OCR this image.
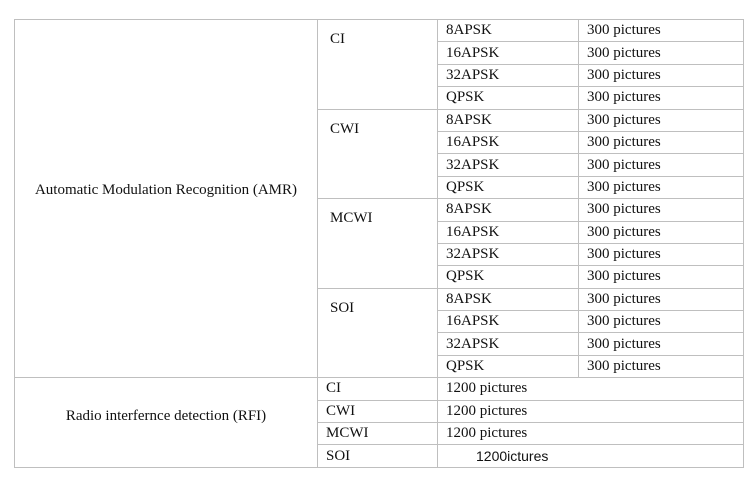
Automatic Modulation Recognition (AMR)	CI	8APSK	300 pictures
		16APSK	300 pictures
		32APSK	300 pictures
		QPSK	300 pictures

	CWI	8APSK	300 pictures
		16APSK	300 pictures
		32APSK	300 pictures
		QPSK	300 pictures

	MCWI	8APSK	300 pictures
		16APSK	300 pictures
		32APSK	300 pictures
		QPSK	300 pictures

	SOI	8APSK	300 pictures
		16APSK	300 pictures
		32APSK	300 pictures
		QPSK	300 pictures

Radio interfernce detection (RFI)	CI	1200 pictures	
	CWI	1200 pictures	
	MCWI	1200 pictures	
	SOI	1200ictures	
